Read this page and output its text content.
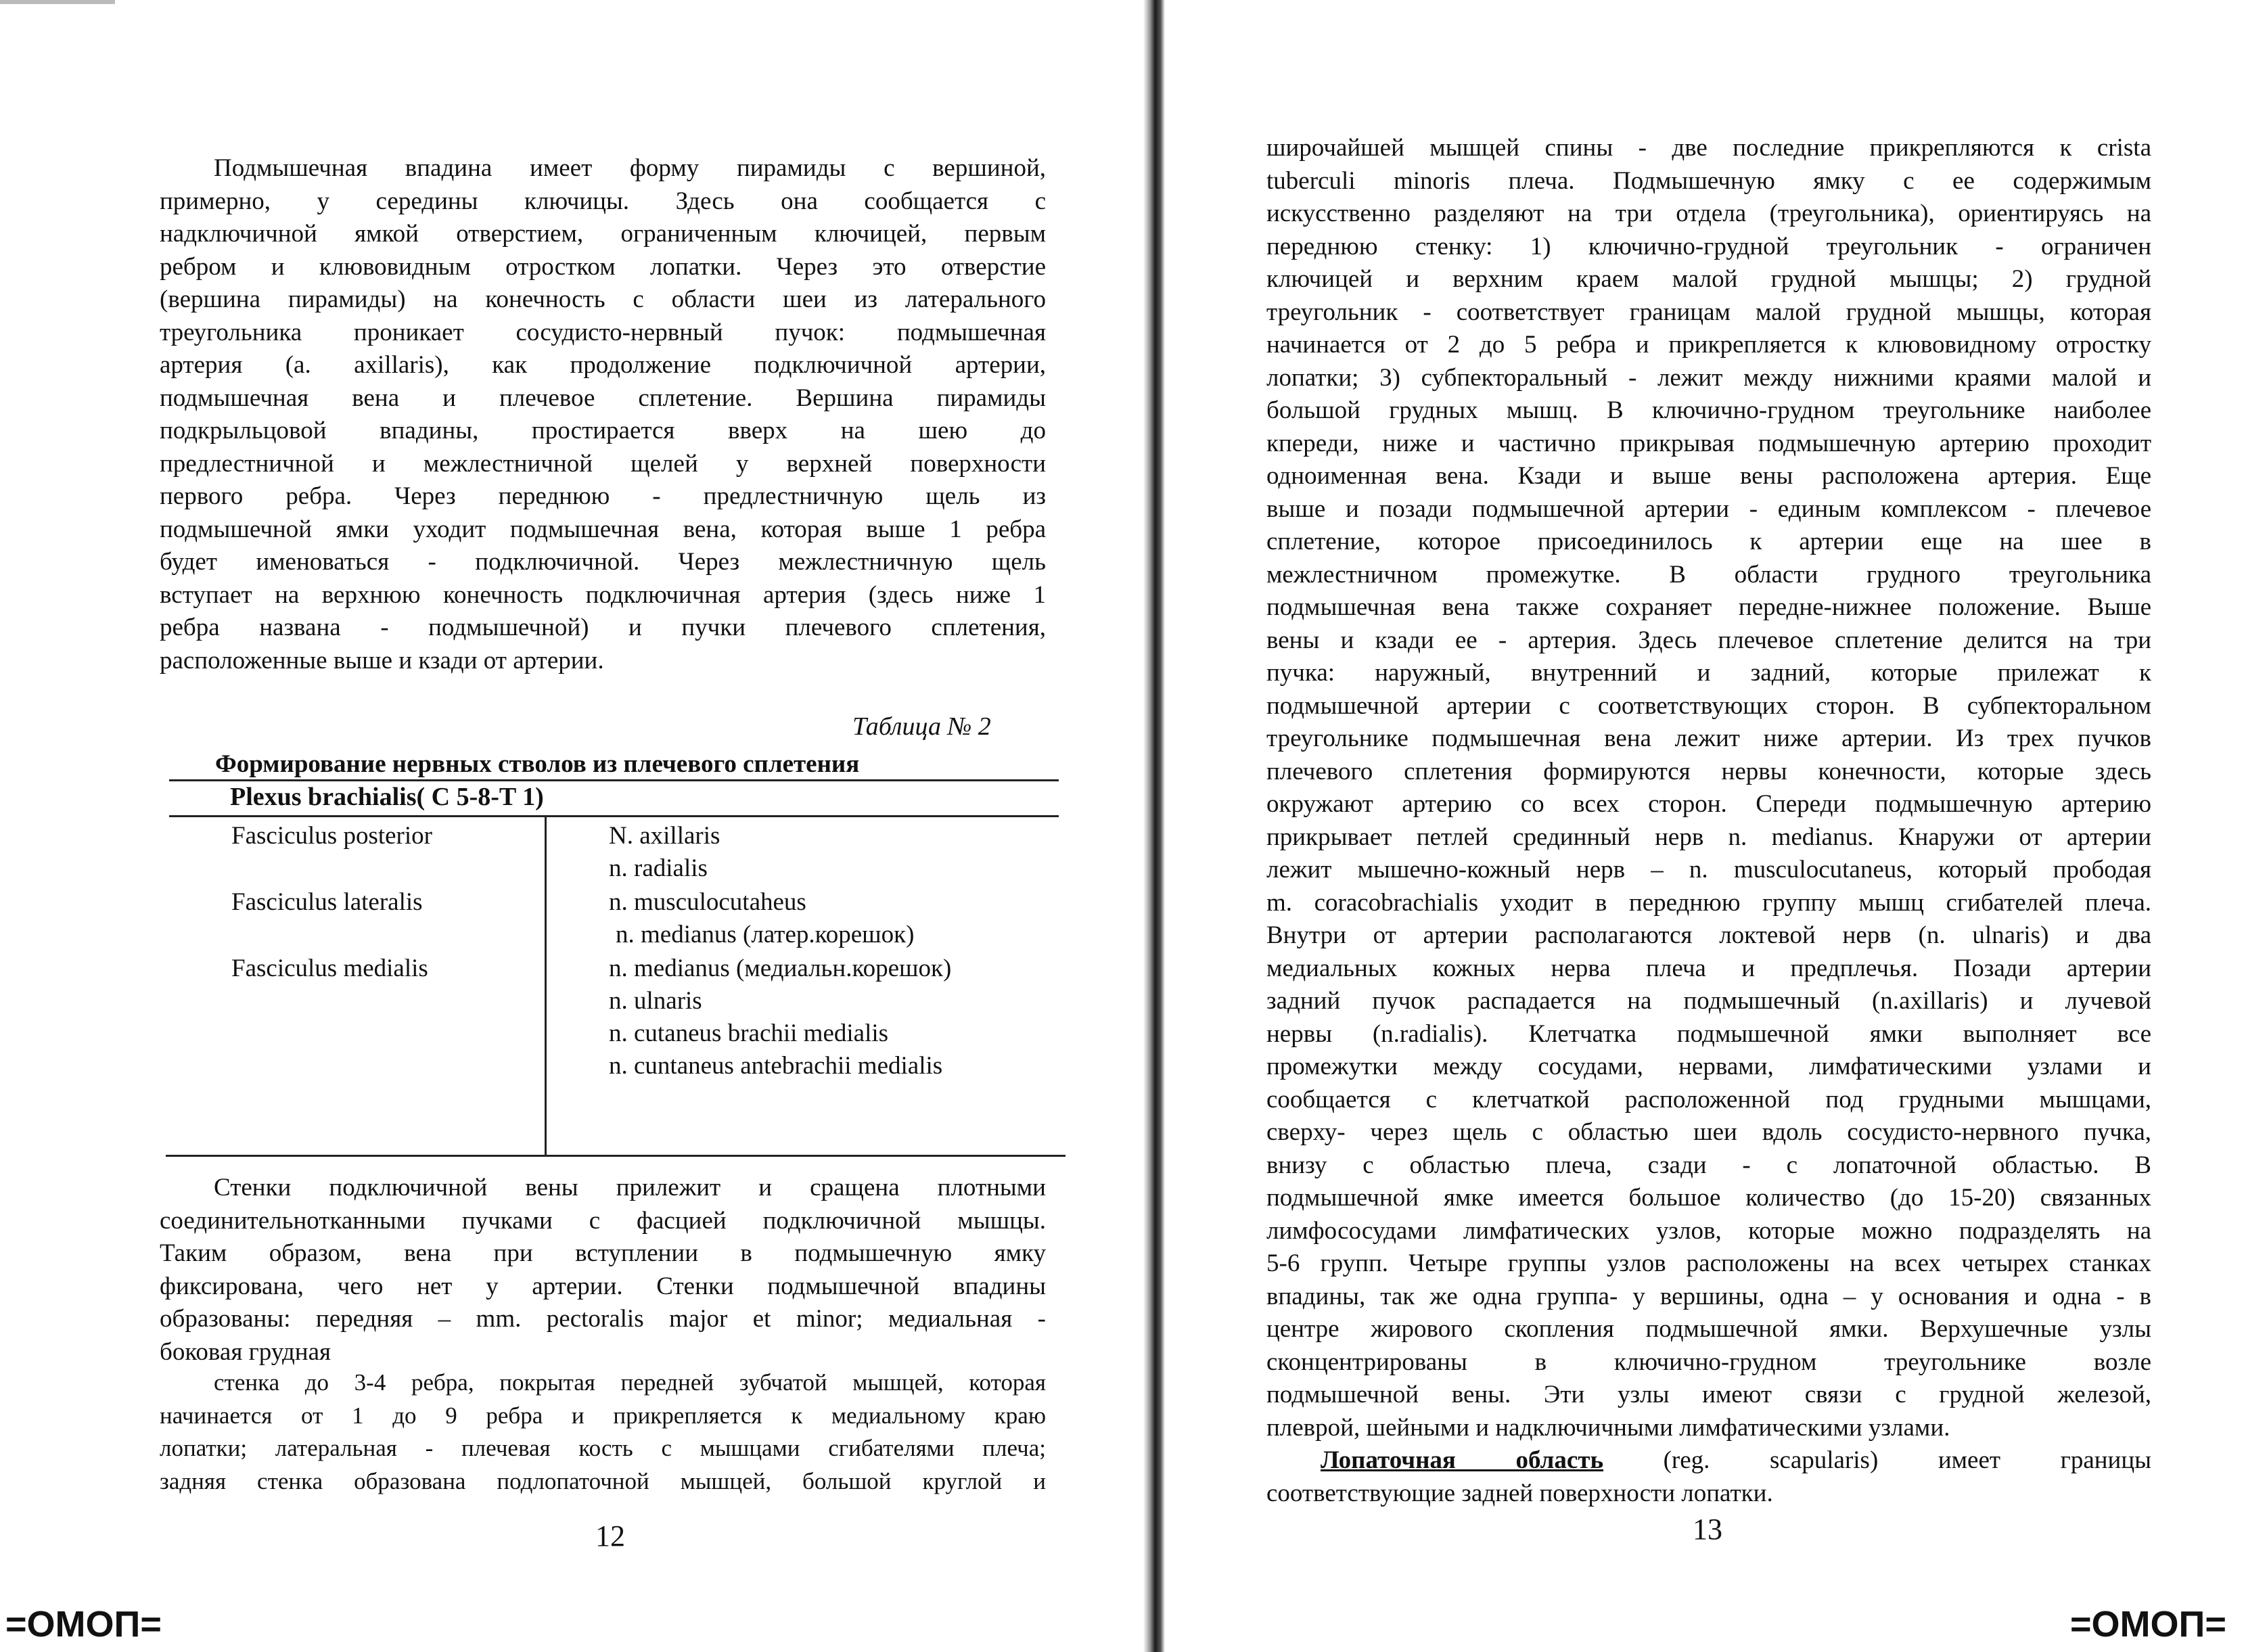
Подмышечная впадина имеет форму пирамиды с вершиной,
примерно, у середины ключицы. Здесь она сообщается с
надключичной ямкой отверстием, ограниченным ключицей, первым
ребром и клювовидным отростком лопатки. Через это отверстие
(вершина пирамиды) на конечность с области шеи из латерального
треугольника проникает сосудисто-нервный пучок: подмышечная
артерия (a. axillaris), как продолжение подключичной артерии,
подмышечная вена и плечевое сплетение. Вершина пирамиды
подкрыльцовой впадины, простирается вверх на шею до
предлестничной и межлестничной щелей у верхней поверхности
первого ребра. Через переднюю - предлестничную щель из
подмышечной ямки уходит подмышечная вена, которая выше 1 ребра
будет именоваться - подключичной. Через межлестничную щель
вступает на верхнюю конечность подключичная артерия (здесь ниже 1
ребра названа - подмышечной) и пучки плечевого сплетения,
расположенные выше и кзади от артерии.
Таблица № 2
Формирование нервных стволов из плечевого сплетения
Plexus brachialis( C 5-8-T 1)
Fasciculus posterior	N. axillaris
n. radialis
Fasciculus lateralis	n. musculocutaheus
n. medianus (латер.корешок)
Fasciculus medialis	n. medianus (медиальн.корешок)
n. ulnaris
n. cutaneus brachii medialis
n. cuntaneus antebrachii medialis
Стенки подключичной вены прилежит и сращена плотными
соединительнотканными пучками с фасцией подключичной мышцы.
Таким образом, вена при вступлении в подмышечную ямку
фиксирована, чего нет у артерии. Стенки подмышечной впадины
образованы: передняя – mm. pectoralis major et minor; медиальная -
боковая грудная
стенка до 3-4 ребра, покрытая передней зубчатой мышцей, которая
начинается от 1 до 9 ребра и прикрепляется к медиальному краю
лопатки; латеральная - плечевая кость с мышцами сгибателями плеча;
задняя стенка образована подлопаточной мышцей, большой круглой и
12
=ОМОП=
широчайшей мышцей спины - две последние прикрепляются к crista
tuberculi minoris плеча. Подмышечную ямку с ее содержимым
искусственно разделяют на три отдела (треугольника), ориентируясь на
переднюю стенку: 1) ключично-грудной треугольник - ограничен
ключицей и верхним краем малой грудной мышцы; 2) грудной
треугольник - соответствует границам малой грудной мышцы, которая
начинается от 2 до 5 ребра и прикрепляется к клювовидному отростку
лопатки; 3) субпекторальный - лежит между нижними краями малой и
большой грудных мышц. В ключично-грудном треугольнике наиболее
кпереди, ниже и частично прикрывая подмышечную артерию проходит
одноименная вена. Кзади и выше вены расположена артерия. Еще
выше и позади подмышечной артерии - единым комплексом - плечевое
сплетение, которое присоединилось к артерии еще на шее в
межлестничном промежутке. В области грудного треугольника
подмышечная вена также сохраняет передне-нижнее положение. Выше
вены и кзади ее - артерия. Здесь плечевое сплетение делится на три
пучка: наружный, внутренний и задний, которые прилежат к
подмышечной артерии с соответствующих сторон. В субпекторальном
треугольнике подмышечная вена лежит ниже артерии. Из трех пучков
плечевого сплетения формируются нервы конечности, которые здесь
окружают артерию со всех сторон. Спереди подмышечную артерию
прикрывает петлей срединный нерв n. medianus. Кнаружи от артерии
лежит мышечно-кожный нерв – n. musculocutaneus, который прободая
m. coracobrachialis уходит в переднюю группу мышц сгибателей плеча.
Внутри от артерии располагаются локтевой нерв (n. ulnaris) и два
медиальных кожных нерва плеча и предплечья. Позади артерии
задний пучок распадается на подмышечный (n.axillaris) и лучевой
нервы (n.radialis). Клетчатка подмышечной ямки выполняет все
промежутки между сосудами, нервами, лимфатическими узлами и
сообщается с клетчаткой расположенной под грудными мышцами,
сверху- через щель с областью шеи вдоль сосудисто-нервного пучка,
внизу с областью плеча, сзади - с лопаточной областью. В
подмышечной ямке имеется большое количество (до 15-20) связанных
лимфососудами лимфатических узлов, которые можно подразделять на
5-6 групп. Четыре группы узлов расположены на всех четырех станках
впадины, так же одна группа- у вершины, одна – у основания и одна - в
центре жирового скопления подмышечной ямки. Верхушечные узлы
сконцентрированы в ключично-грудном треугольнике возле
подмышечной вены. Эти узлы имеют связи с грудной железой,
плеврой, шейными и надключичными лимфатическими узлами.
Лопаточная область (reg. scapularis) имеет границы
соответствующие задней поверхности лопатки.
13
=ОМОП=
